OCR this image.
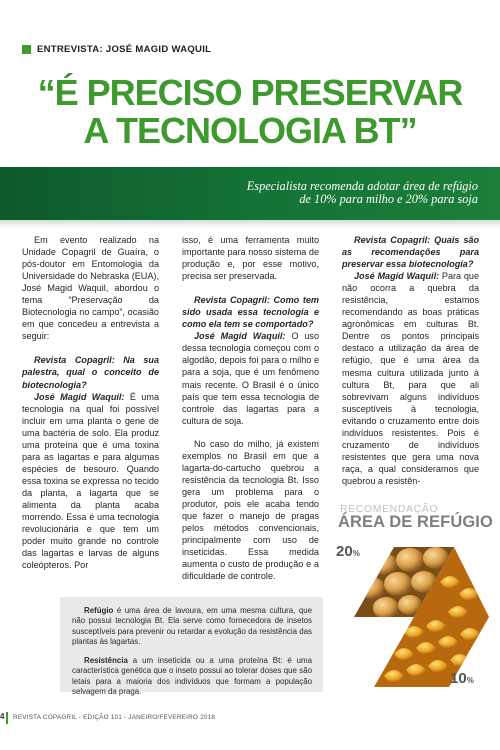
ENTREVISTA: JOSÉ MAGID WAQUIL
“É PRECISO PRESERVAR
A TECNOLOGIA BT”
Especialista recomenda adotar área de refúgio
de 10% para milho e 20% para soja

Em evento realizado na Unidade Copagril de Guaíra, o pós-doutor em Entomologia da Universidade do Nebraska (EUA), José Magid Waquil, abordou o tema “Preservação da Biotecnologia no campo”, ocasião em que concedeu a entrevista a seguir:

Revista Copagril: Na sua palestra, qual o conceito de biotecnologia?

José Magid Waquil: É uma tecnologia na qual foi possível incluir em uma planta o gene de uma bactéria de solo. Ela produz uma proteína que é uma toxina para as lagartas e para algumas espécies de besouro. Quando essa toxina se expressa no tecido da planta, a lagarta que se alimenta da planta acaba morrendo. Essa é uma tecnologia revolucionária e que tem um poder muito grande no controle das lagartas e larvas de alguns coleópteros. Por

isso, é uma ferramenta muito importante para nosso sistema de produção e, por esse motivo, precisa ser preservada.

Revista Copagril: Como tem sido usada essa tecnologia e como ela tem se comportado?

José Magid Waquil: O uso dessa tecnologia começou com o algodão, depois foi para o milho e para a soja, que é um fenômeno mais recente. O Brasil é o único país que tem essa tecnologia de controle das lagartas para a cultura de soja.

No caso do milho, já existem exemplos no Brasil em que a lagarta-do-cartucho quebrou a resistência da tecnologia Bt. Isso gera um problema para o produtor, pois ele acaba tendo que fazer o manejo de pragas pelos métodos convencionais, principalmente com uso de inseticidas. Essa medida aumenta o custo de produção e a dificuldade de controle.

Revista Copagril: Quais são as recomendações para preservar essa biotecnologia?

José Magid Waquil: Para que não ocorra a quebra da resistência, estamos recomendando as boas práticas agronômicas em culturas Bt. Dentre os pontos principais destaco a utilização da área de refúgio, que é uma área da mesma cultura utilizada junto à cultura Bt, para que ali sobrevivam alguns indivíduos susceptíveis à tecnologia, evitando o cruzamento entre dois indivíduos resistentes. Pois é cruzamento de indivíduos resistentes que gera uma nova raça, a qual consideramos que quebrou a resistên-

RECOMENDAÇÃO
ÁREA DE REFÚGIO
20%
10%

Refúgio é uma área de lavoura, em uma mesma cultura, que não possui tecnologia Bt. Ela serve como fornecedora de insetos susceptíveis para prevenir ou retardar a evolução da resistência das plantas às lagartas.

Resistência a um inseticida ou a uma proteína Bt: é uma característica genética que o inseto possui ao tolerar doses que são letais para a maioria dos indivíduos que formam a população selvagem da praga.

4 REVISTA COPAGRIL - EDIÇÃO 101 - JANEIRO/FEVEREIRO 2018
